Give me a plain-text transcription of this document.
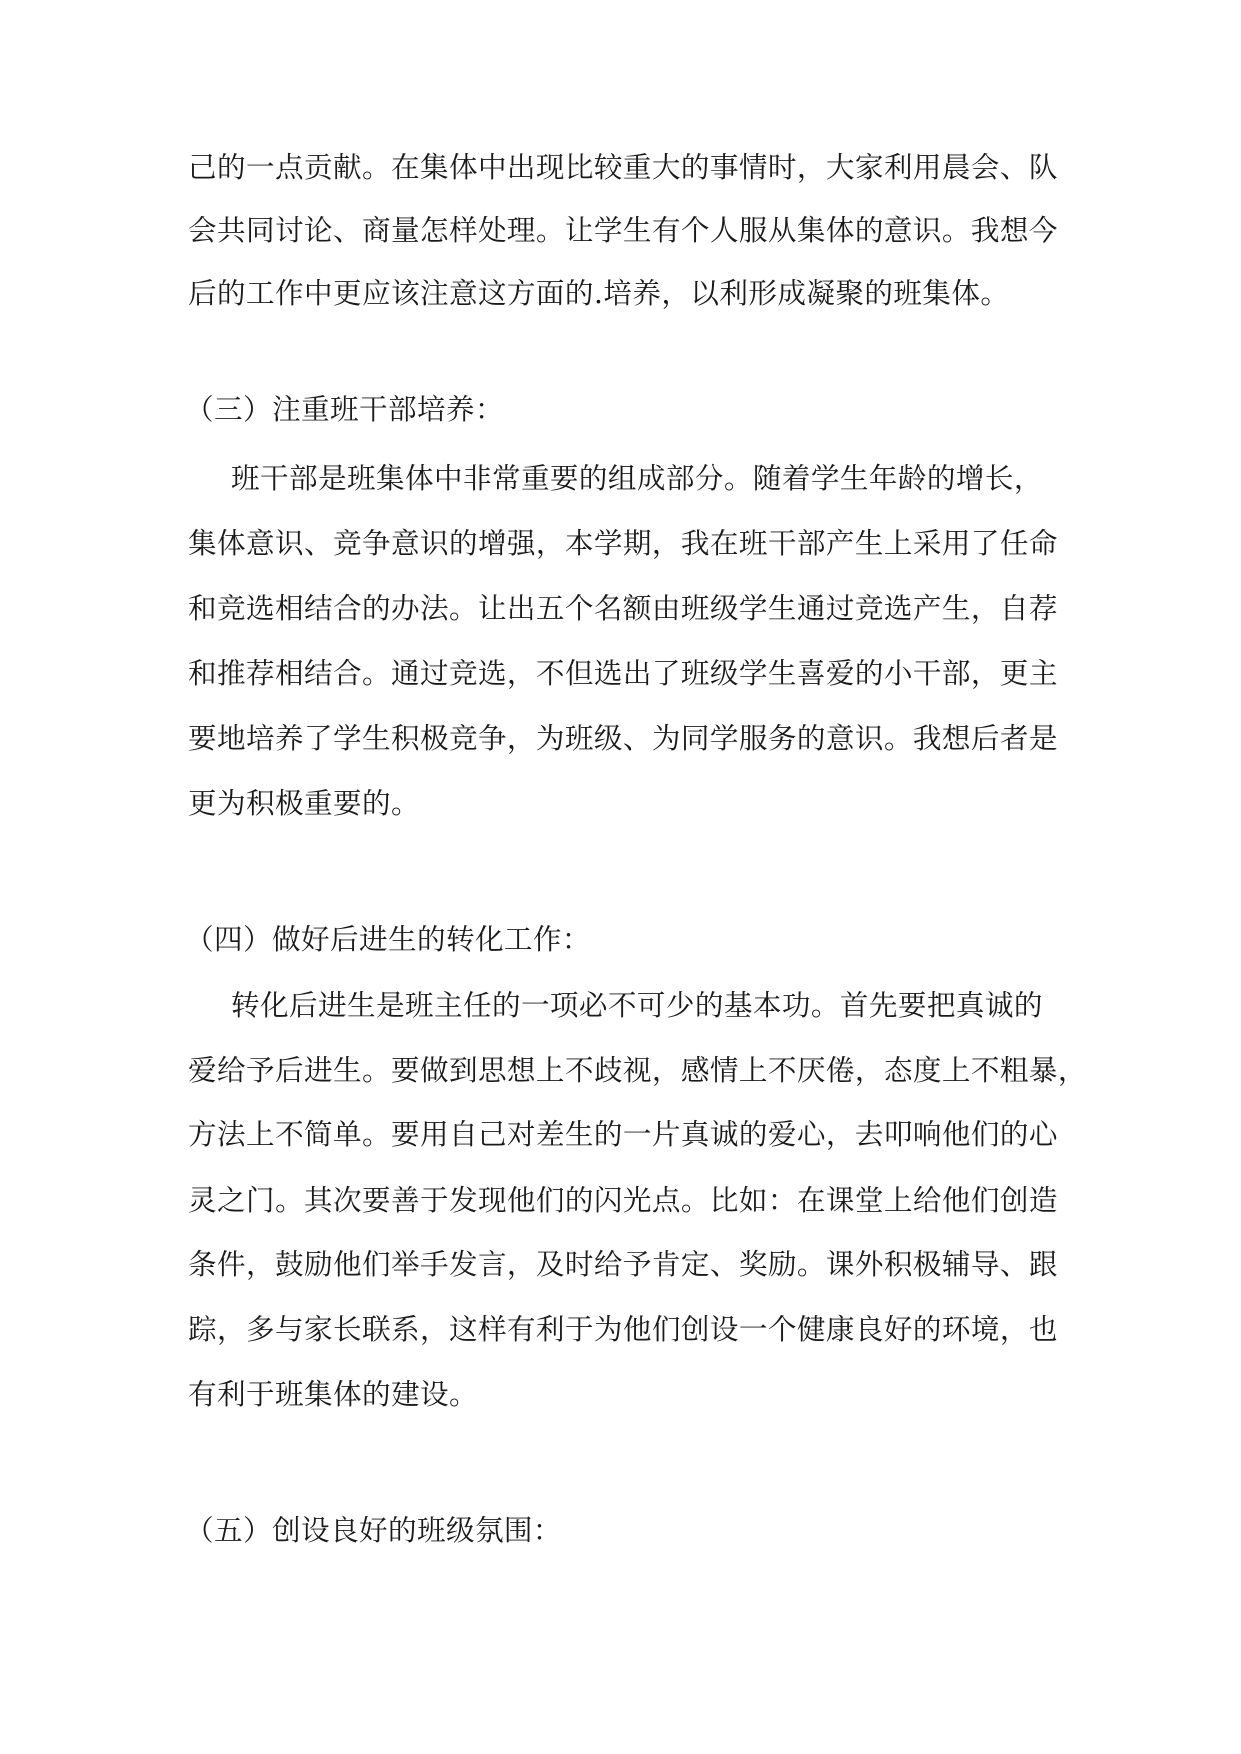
己的一点贡献。在集体中出现比较重大的事情时，大家利用晨会、队
会共同讨论、商量怎样处理。让学生有个人服从集体的意识。我想今
后的工作中更应该注意这方面的.培养，以利形成凝聚的班集体。
（三）注重班干部培养：
班干部是班集体中非常重要的组成部分。随着学生年龄的增长，
集体意识、竞争意识的增强，本学期，我在班干部产生上采用了任命
和竞选相结合的办法。让出五个名额由班级学生通过竞选产生，自荐
和推荐相结合。通过竞选，不但选出了班级学生喜爱的小干部，更主
要地培养了学生积极竞争，为班级、为同学服务的意识。我想后者是
更为积极重要的。
（四）做好后进生的转化工作：
转化后进生是班主任的一项必不可少的基本功。首先要把真诚的
爱给予后进生。要做到思想上不歧视，感情上不厌倦，态度上不粗暴，
方法上不简单。要用自己对差生的一片真诚的爱心，去叩响他们的心
灵之门。其次要善于发现他们的闪光点。比如：在课堂上给他们创造
条件，鼓励他们举手发言，及时给予肯定、奖励。课外积极辅导、跟
踪，多与家长联系，这样有利于为他们创设一个健康良好的环境，也
有利于班集体的建设。
（五）创设良好的班级氛围：
